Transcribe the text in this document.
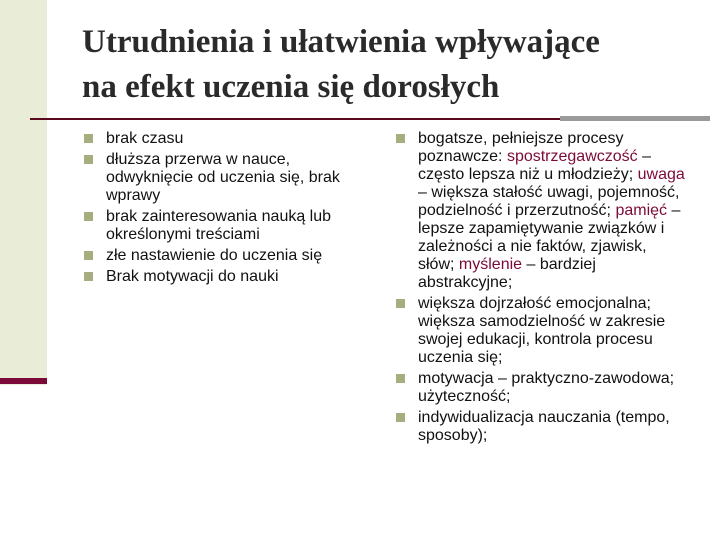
Utrudnienia i ułatwienia wpływające
na efekt uczenia się dorosłych
brak czasu
dłuższa przerwa w nauce, odwyknięcie od uczenia się, brak wprawy
brak zainteresowania nauką lub określonymi treściami
złe nastawienie do uczenia się
Brak motywacji do nauki
bogatsze, pełniejsze procesy poznawcze: spostrzegawczość – często lepsza niż u młodzieży; uwaga – większa stałość uwagi, pojemność, podzielność i przerzutność; pamięć – lepsze zapamiętywanie związków i zależności a nie faktów, zjawisk, słów; myślenie – bardziej abstrakcyjne;
większa dojrzałość emocjonalna; większa samodzielność w zakresie swojej edukacji, kontrola procesu uczenia się;
motywacja – praktyczno-zawodowa; użyteczność;
indywidualizacja nauczania (tempo, sposoby);
